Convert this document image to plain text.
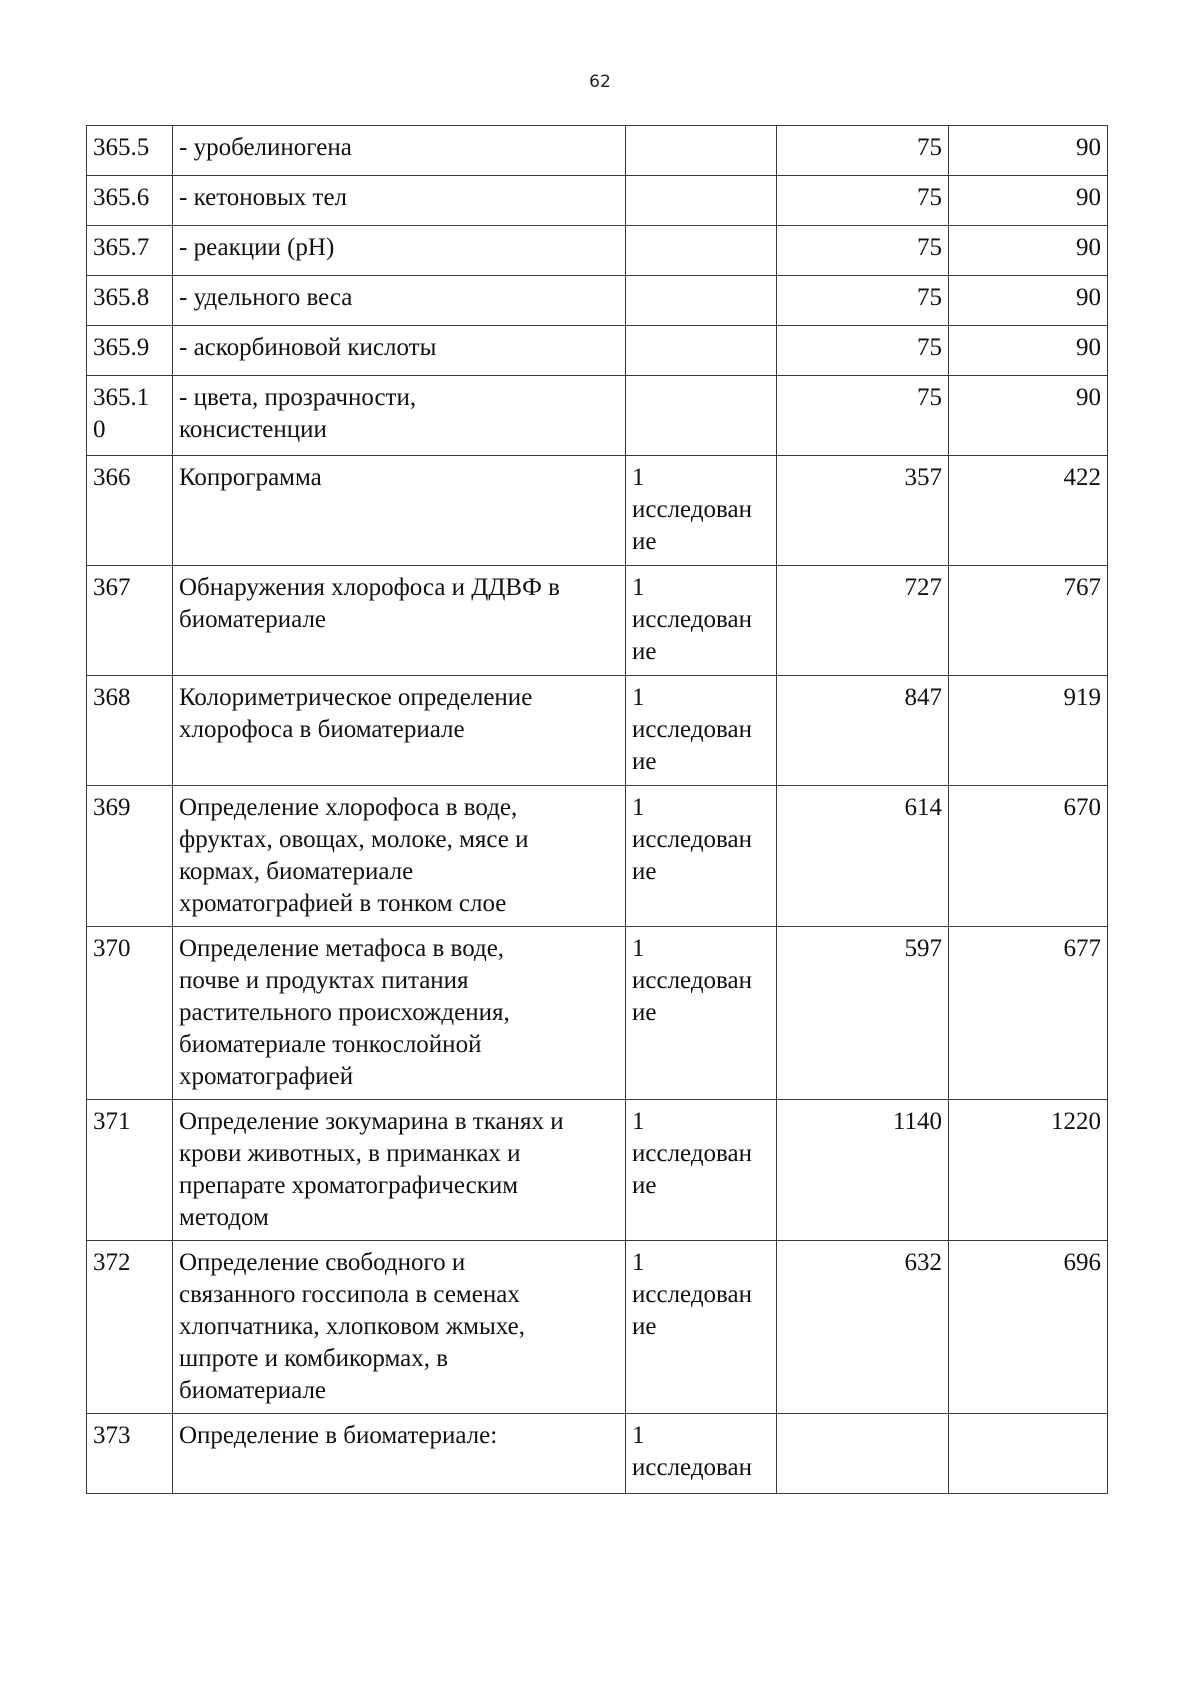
62
365.5	- уробелиногена		75	90

365.6	- кетоновых тел		75	90

365.7	- реакции (pH)		75	90

365.8	- удельного веса		75	90

365.9	- аскорбиновой кислоты		75	90

365.1
0	- цвета, прозрачности,
консистенции		75	90

366	Копрограмма	1
исследован
ие	357	422

367	Обнаружения хлорофоса и ДДВФ в
биоматериале	1
исследован
ие	727	767

368	Колориметрическое определение
хлорофоса в биоматериале	1
исследован
ие	847	919

369	Определение хлорофоса в воде,
фруктах, овощах, молоке, мясе и
кормах, биоматериале
хроматографией в тонком слое	1
исследован
ие	614	670

370	Определение метафоса в воде,
почве и продуктах питания
растительного происхождения,
биоматериале тонкослойной
хроматографией	1
исследован
ие	597	677

371	Определение зокумарина в тканях и
крови животных, в приманках и
препарате хроматографическим
методом	1
исследован
ие	1140	1220

372	Определение свободного и
связанного госсипола в семенах
хлопчатника, хлопковом жмыхе,
шпроте и комбикормах, в
биоматериале	1
исследован
ие	632	696

373	Определение в биоматериале:	1
исследован		
